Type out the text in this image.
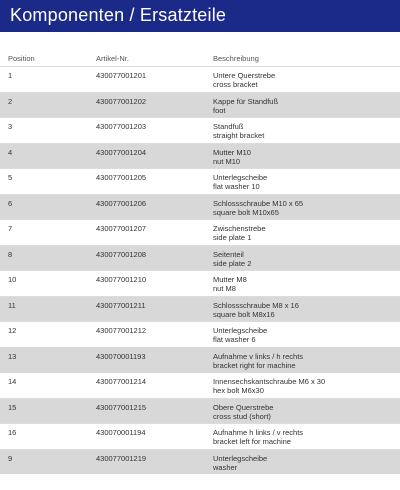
Komponenten / Ersatzteile
Position	Artikel-Nr.	Beschreibung
1	430077001201	Untere Querstrebe
cross bracket
2	430077001202	Kappe für Standfuß
foot
3	430077001203	Standfuß
straight bracket
4	430077001204	Mutter M10
nut M10
5	430077001205	Unterlegscheibe
flat washer 10
6	430077001206	Schlossschraube M10 x 65
square bolt M10x65
7	430077001207	Zwischenstrebe
side plate 1
8	430077001208	Seitenteil
side plate 2
10	430077001210	Mutter M8
nut M8
11	430077001211	Schlossschraube M8 x 16
square bolt M8x16
12	430077001212	Unterlegscheibe
flat washer 6
13	430070001193	Aufnahme v links / h rechts
bracket right for machine
14	430077001214	Innensechskantschraube M6 x 30
hex bolt M6x30
15	430077001215	Obere Querstrebe
cross stud (short)
16	430070001194	Aufnahme h links / v rechts
bracket left for machine
9	430077001219	Unterlegscheibe
washer
